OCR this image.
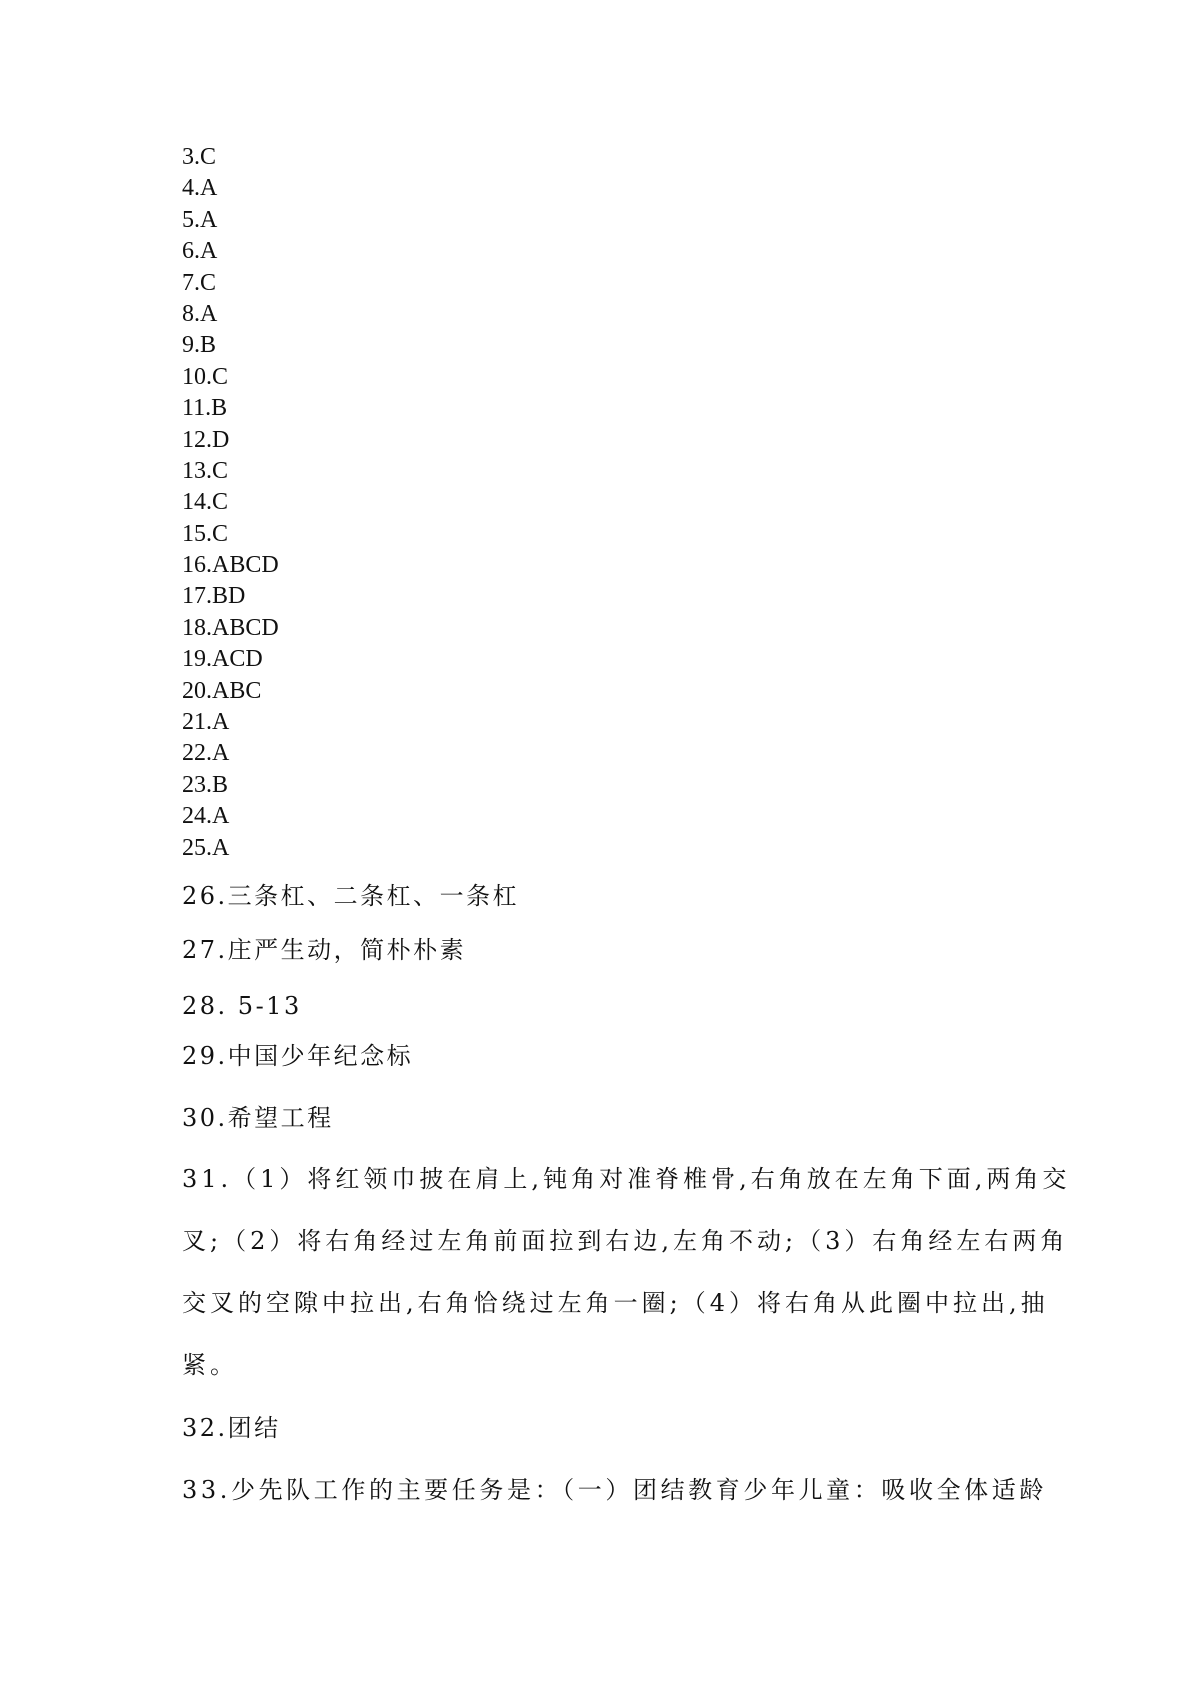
3.C
4.A
5.A
6.A
7.C
8.A
9.B
10.C
11.B
12.D
13.C
14.C
15.C
16.ABCD
17.BD
18.ABCD
19.ACD
20.ABC
21.A
22.A
23.B
24.A
25.A
26.三条杠、二条杠、一条杠
27.庄严生动，简朴朴素
28. 5-13
29.中国少年纪念标
30.希望工程
31.（1）将红领巾披在肩上,钝角对准脊椎骨,右角放在左角下面,两角交
叉;（2）将右角经过左角前面拉到右边,左角不动;（3）右角经左右两角
交叉的空隙中拉出,右角恰绕过左角一圈;（4）将右角从此圈中拉出,抽
紧。
32.团结
33.少先队工作的主要任务是：（一）团结教育少年儿童：吸收全体适龄
